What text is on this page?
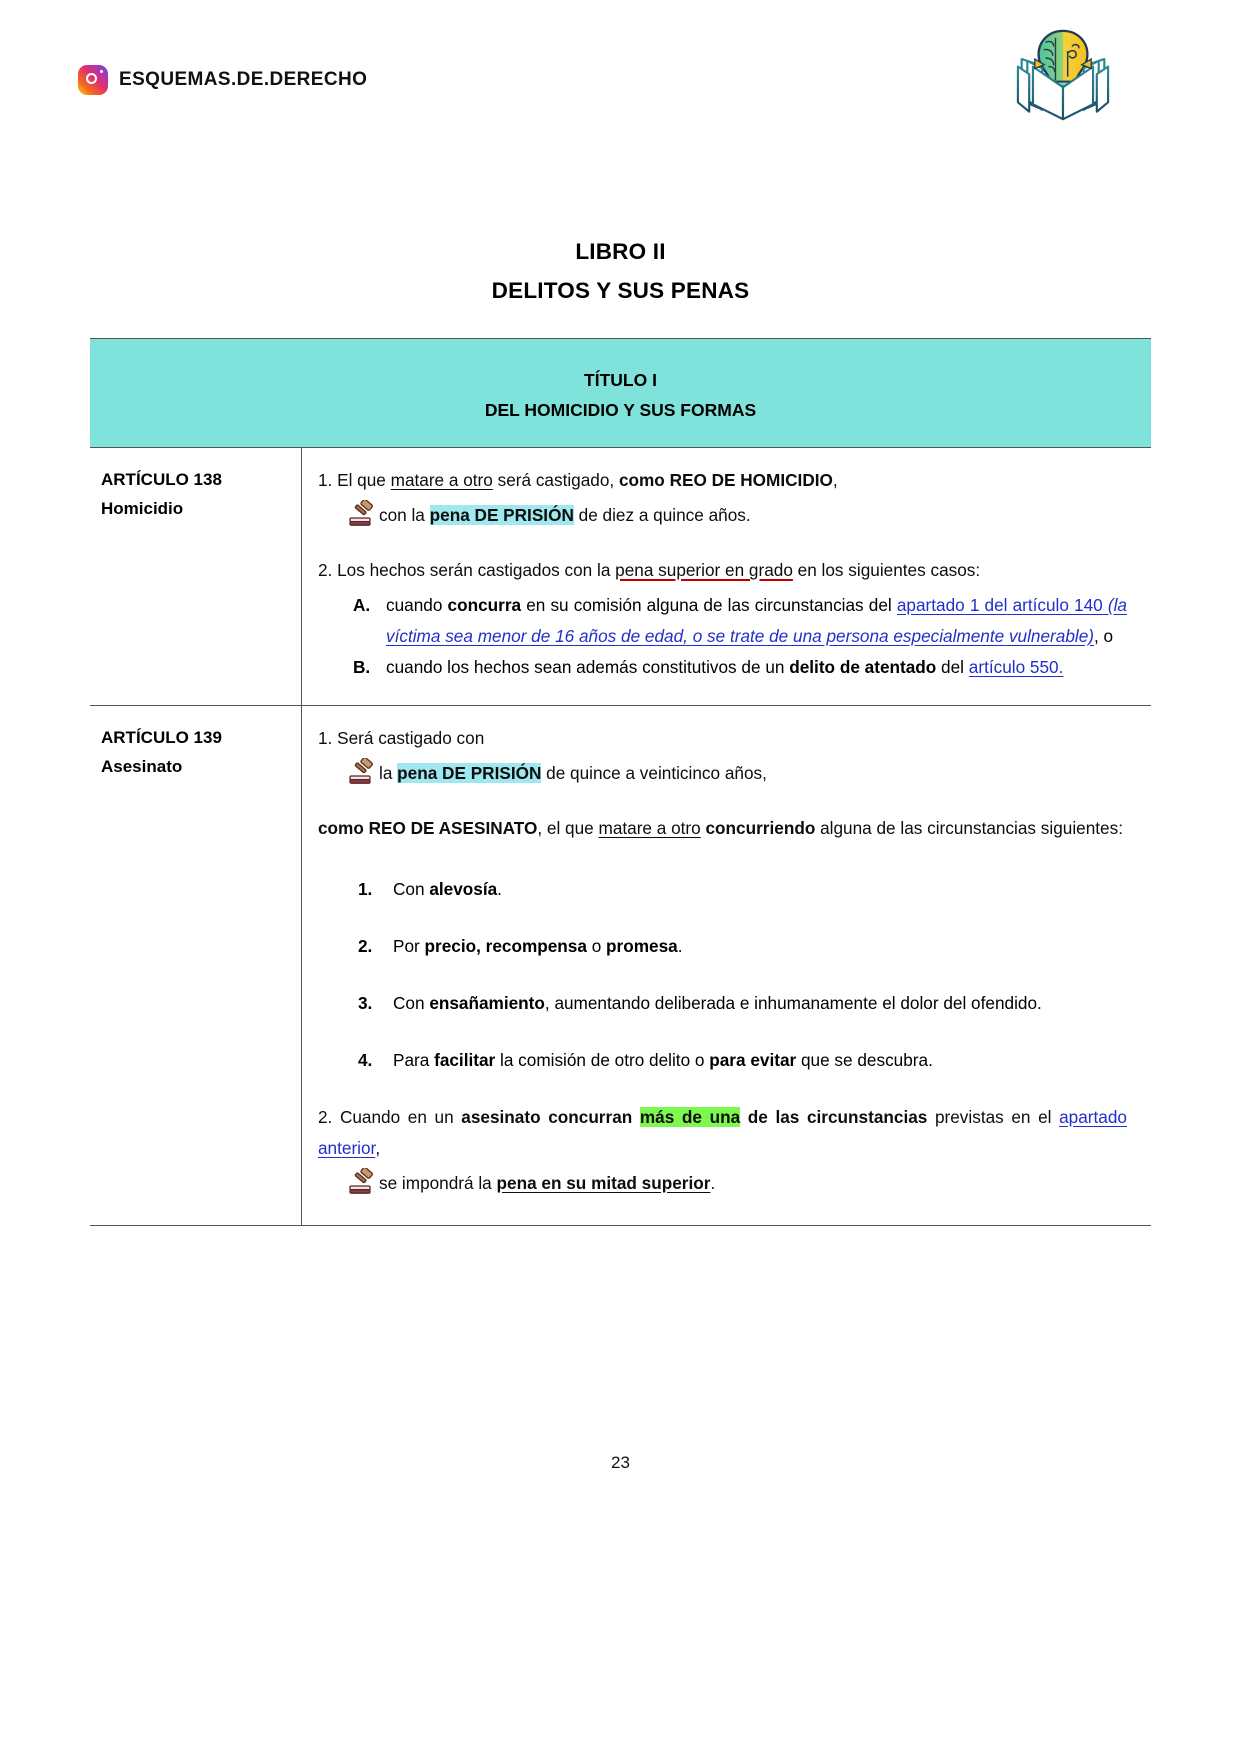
ESQUEMAS.DE.DERECHO
LIBRO II
DELITOS Y SUS PENAS
TÍTULO I
DEL HOMICIDIO Y SUS FORMAS
ARTÍCULO 138
Homicidio

1. El que matare a otro será castigado, como REO DE HOMICIDIO,

con la pena DE PRISIÓN de diez a quince años.

2. Los hechos serán castigados con la pena superior en grado en los siguientes casos:

A. cuando concurra en su comisión alguna de las circunstancias del apartado 1 del artículo 140 (la víctima sea menor de 16 años de edad, o se trate de una persona especialmente vulnerable), o
B. cuando los hechos sean además constitutivos de un delito de atentado del artículo 550.
ARTÍCULO 139
Asesinato

1. Será castigado con

la pena DE PRISIÓN de quince a veinticinco años,

como REO DE ASESINATO, el que matare a otro concurriendo alguna de las circunstancias siguientes:

1. Con alevosía.
2. Por precio, recompensa o promesa.
3. Con ensañamiento, aumentando deliberada e inhumanamente el dolor del ofendido.
4. Para facilitar la comisión de otro delito o para evitar que se descubra.

2. Cuando en un asesinato concurran más de una de las circunstancias previstas en el apartado anterior,

se impondrá la pena en su mitad superior.

23
